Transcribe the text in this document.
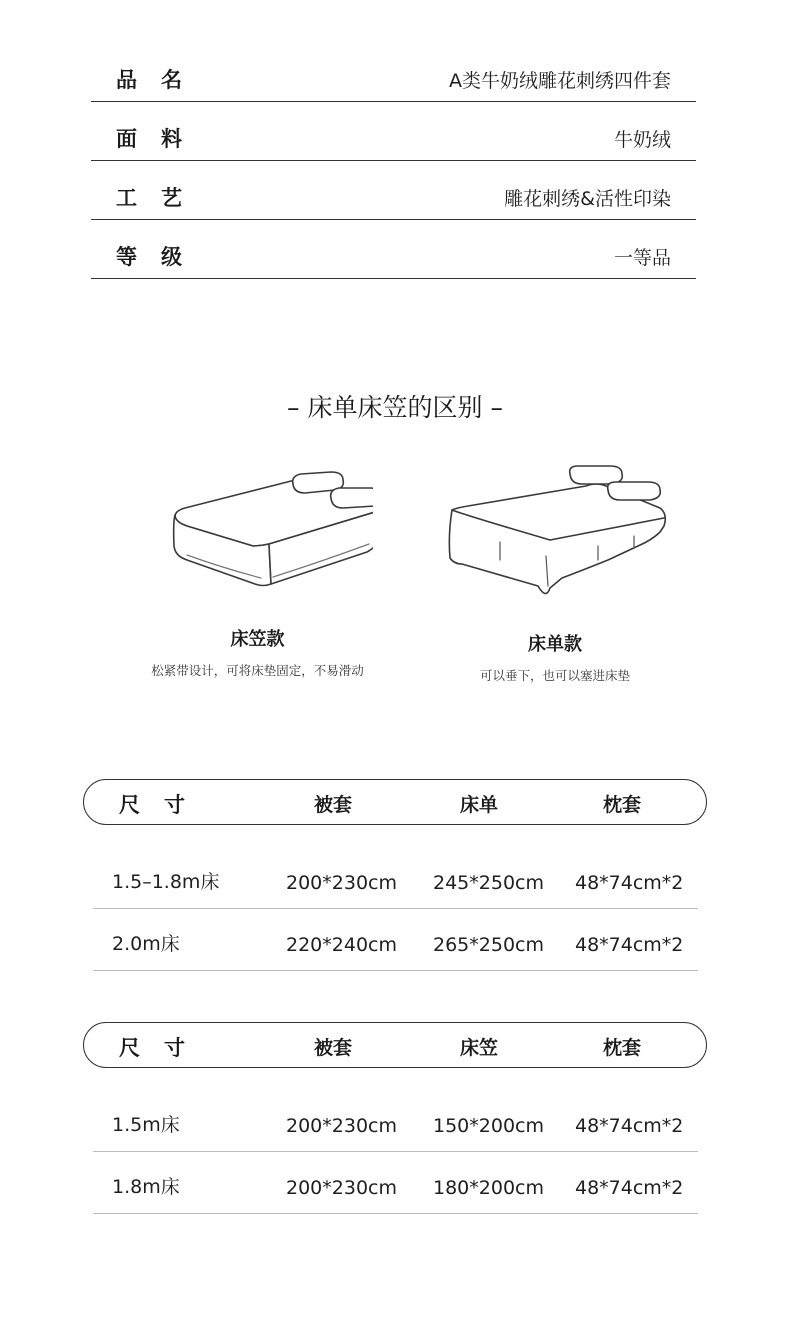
品名	A类牛奶绒雕花刺绣四件套
面料	牛奶绒
工艺	雕花刺绣&活性印染
等级	一等品
– 床单床笠的区别 –
床笠款
松紧带设计，可将床垫固定，不易滑动
床单款
可以垂下，也可以塞进床垫
尺寸	被套	床单	枕套
1.5–1.8m床	200*230cm 245*250cm 48*74cm*2
2.0m床	220*240cm 265*250cm 48*74cm*2
尺寸	被套	床笠	枕套
1.5m床	200*230cm 150*200cm 48*74cm*2
1.8m床	200*230cm 180*200cm 48*74cm*2
